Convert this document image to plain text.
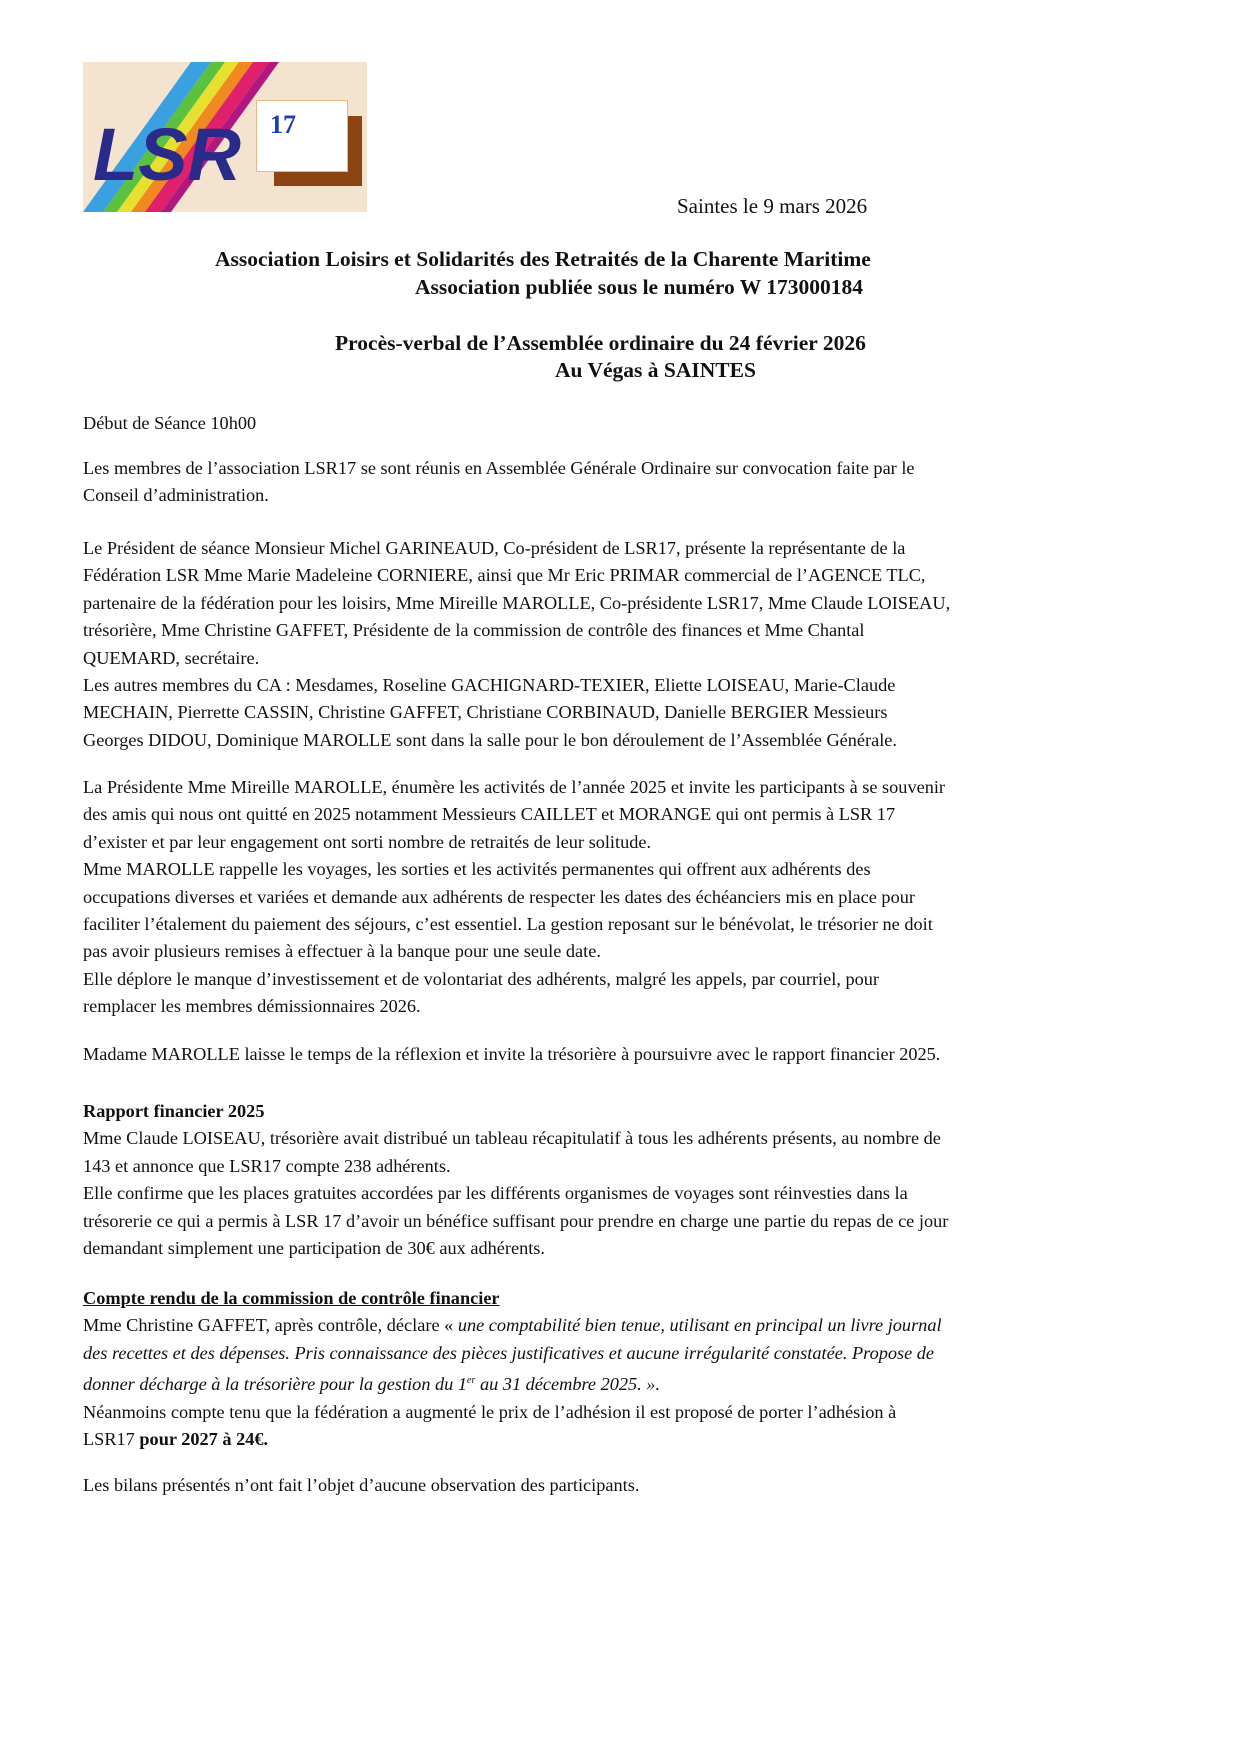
LSR 17
Saintes le 9 mars 2026
Association Loisirs et Solidarités des Retraités de la Charente Maritime
Association publiée sous le numéro W 173000184
Procès-verbal de l’Assemblée ordinaire du 24 février 2026
Au Végas à SAINTES
Début de Séance 10h00
Les membres de l’association LSR17 se sont réunis en Assemblée Générale Ordinaire sur convocation faite par le
Conseil d’administration.
Le Président de séance Monsieur Michel GARINEAUD, Co-président de LSR17, présente la représentante de la
Fédération LSR Mme Marie Madeleine CORNIERE, ainsi que Mr Eric PRIMAR commercial de l’AGENCE TLC,
partenaire de la fédération pour les loisirs, Mme Mireille MAROLLE, Co-présidente LSR17, Mme Claude LOISEAU,
trésorière, Mme Christine GAFFET, Présidente de la commission de contrôle des finances et Mme Chantal
QUEMARD, secrétaire.
Les autres membres du CA : Mesdames, Roseline GACHIGNARD-TEXIER, Eliette LOISEAU, Marie-Claude
MECHAIN, Pierrette CASSIN, Christine GAFFET, Christiane CORBINAUD, Danielle BERGIER Messieurs
Georges DIDOU, Dominique MAROLLE sont dans la salle pour le bon déroulement de l’Assemblée Générale.
La Présidente Mme Mireille MAROLLE, énumère les activités de l’année 2025 et invite les participants à se souvenir
des amis qui nous ont quitté en 2025 notamment Messieurs CAILLET et MORANGE qui ont permis à LSR 17
d’exister et par leur engagement ont sorti nombre de retraités de leur solitude.
Mme MAROLLE rappelle les voyages, les sorties et les activités permanentes qui offrent aux adhérents des
occupations diverses et variées et demande aux adhérents de respecter les dates des échéanciers mis en place pour
faciliter l’étalement du paiement des séjours, c’est essentiel. La gestion reposant sur le bénévolat, le trésorier ne doit
pas avoir plusieurs remises à effectuer à la banque pour une seule date.
Elle déplore le manque d’investissement et de volontariat des adhérents, malgré les appels, par courriel, pour
remplacer les membres démissionnaires 2026.
Madame MAROLLE laisse le temps de la réflexion et invite la trésorière à poursuivre avec le rapport financier 2025.
Rapport financier 2025
Mme Claude LOISEAU, trésorière avait distribué un tableau récapitulatif à tous les adhérents présents, au nombre de
143 et annonce que LSR17 compte 238 adhérents.
Elle confirme que les places gratuites accordées par les différents organismes de voyages sont réinvesties dans la
trésorerie ce qui a permis à LSR 17 d’avoir un bénéfice suffisant pour prendre en charge une partie du repas de ce jour
demandant simplement une participation de 30€ aux adhérents.
Compte rendu de la commission de contrôle financier
Mme Christine GAFFET, après contrôle, déclare « une comptabilité bien tenue, utilisant en principal un livre journal
des recettes et des dépenses. Pris connaissance des pièces justificatives et aucune irrégularité constatée. Propose de
donner décharge à la trésorière pour la gestion du 1er au 31 décembre 2025. ».
Néanmoins compte tenu que la fédération a augmenté le prix de l’adhésion il est proposé de porter l’adhésion à
LSR17 pour 2027 à 24€.
Les bilans présentés n’ont fait l’objet d’aucune observation des participants.
